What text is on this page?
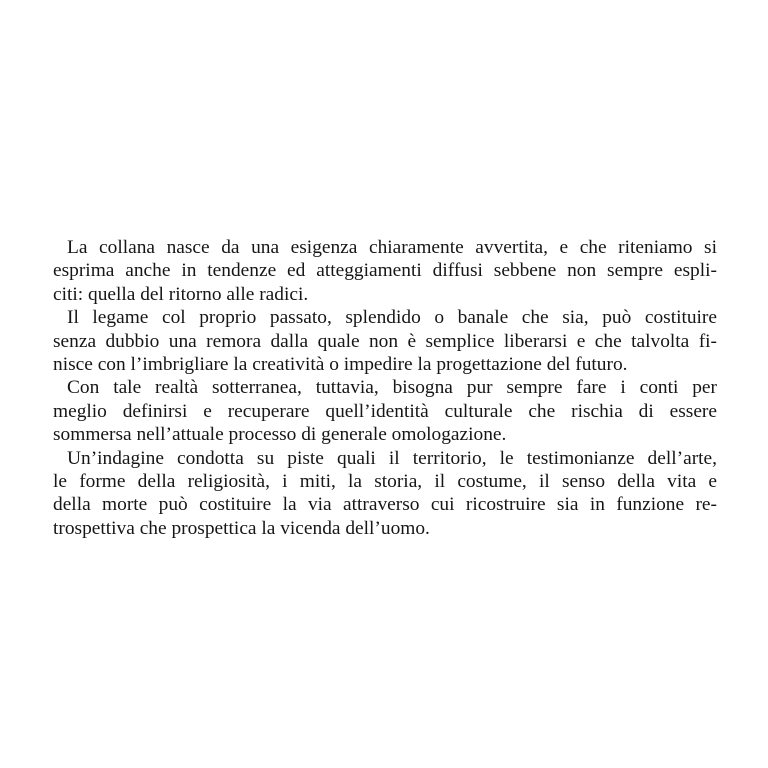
La collana nasce da una esigenza chiaramente avvertita, e che riteniamo si
esprima anche in tendenze ed atteggiamenti diffusi sebbene non sempre espli-
citi: quella del ritorno alle radici.
Il legame col proprio passato, splendido o banale che sia, può costituire
senza dubbio una remora dalla quale non è semplice liberarsi e che talvolta fi-
nisce con l’imbrigliare la creatività o impedire la progettazione del futuro.
Con tale realtà sotterranea, tuttavia, bisogna pur sempre fare i conti per
meglio definirsi e recuperare quell’identità culturale che rischia di essere
sommersa nell’attuale processo di generale omologazione.
Un’indagine condotta su piste quali il territorio, le testimonianze dell’arte,
le forme della religiosità, i miti, la storia, il costume, il senso della vita e
della morte può costituire la via attraverso cui ricostruire sia in funzione re-
trospettiva che prospettica la vicenda dell’uomo.
